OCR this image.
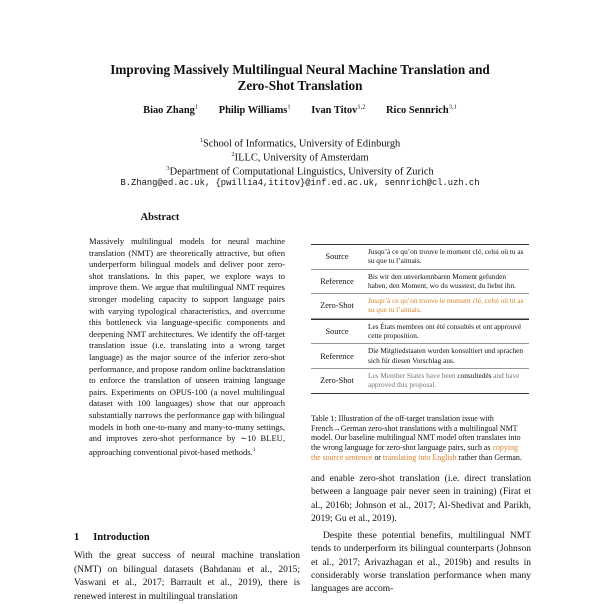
Improving Massively Multilingual Neural Machine Translation and
Zero-Shot Translation
Biao Zhang$^1$ Philip Williams$^1$ Ivan Titov$^{1,2}$ Rico Sennrich$^{3,1}$
$^1$School of Informatics, University of Edinburgh
$^2$ILLC, University of Amsterdam
$^3$Department of Computational Linguistics, University of Zurich
B.Zhang@ed.ac.uk, {pwillia4,ititov}@inf.ed.ac.uk, sennrich@cl.uzh.ch
Abstract
Massively multilingual models for neural machine translation (NMT) are theoretically attractive, but often underperform bilingual models and deliver poor zero-shot translations. In this paper, we explore ways to improve them. We argue that multilingual NMT requires stronger modeling capacity to support language pairs with varying typological characteristics, and overcome this bottleneck via language-specific components and deepening NMT architectures. We identify the off-target translation issue (i.e. translating into a wrong target language) as the major source of the inferior zero-shot performance, and propose random online backtranslation to enforce the translation of unseen training language pairs. Experiments on OPUS-100 (a novel multilingual dataset with 100 languages) show that our approach substantially narrows the performance gap with bilingual models in both one-to-many and many-to-many settings, and improves zero-shot performance by ∼10 BLEU, approaching conventional pivot-based methods.$^1$
Source
Jusqu’à ce qu’on trouve le moment clé, celui où tu as su que tu l’aimais.
Reference
Bis wir den unverkennbaren Moment gefunden haben, den Moment, wo du wusstest, du liebst ihn.
Zero-Shot
Jusqu’à ce qu’on trouve le moment clé, celui où tu as su que tu l’aimais.
Source
Les États membres ont été consultés et ont approuvé cette proposition.
Reference
Die Mitgliedstaaten wurden konsultiert und sprachen sich für diesen Vorschlag aus.
Zero-Shot
Les Member States have been consultedés and have approved this proposal.
Table 1: Illustration of the off-target translation issue with French→German zero-shot translations with a multilingual NMT model. Our baseline multilingual NMT model often translates into the wrong language for zero-shot language pairs, such as copying the source sentence or translating into English rather than German.

and enable zero-shot translation (i.e. direct translation between a language pair never seen in training) (Firat et al., 2016b; Johnson et al., 2017; Al-Shedivat and Parikh, 2019; Gu et al., 2019).

Despite these potential benefits, multilingual NMT tends to underperform its bilingual counterparts (Johnson et al., 2017; Arivazhagan et al., 2019b) and results in considerably worse translation performance when many languages are accom-

1 Introduction

With the great success of neural machine translation (NMT) on bilingual datasets (Bahdanau et al., 2015; Vaswani et al., 2017; Barrault et al., 2019), there is renewed interest in multilingual translation
